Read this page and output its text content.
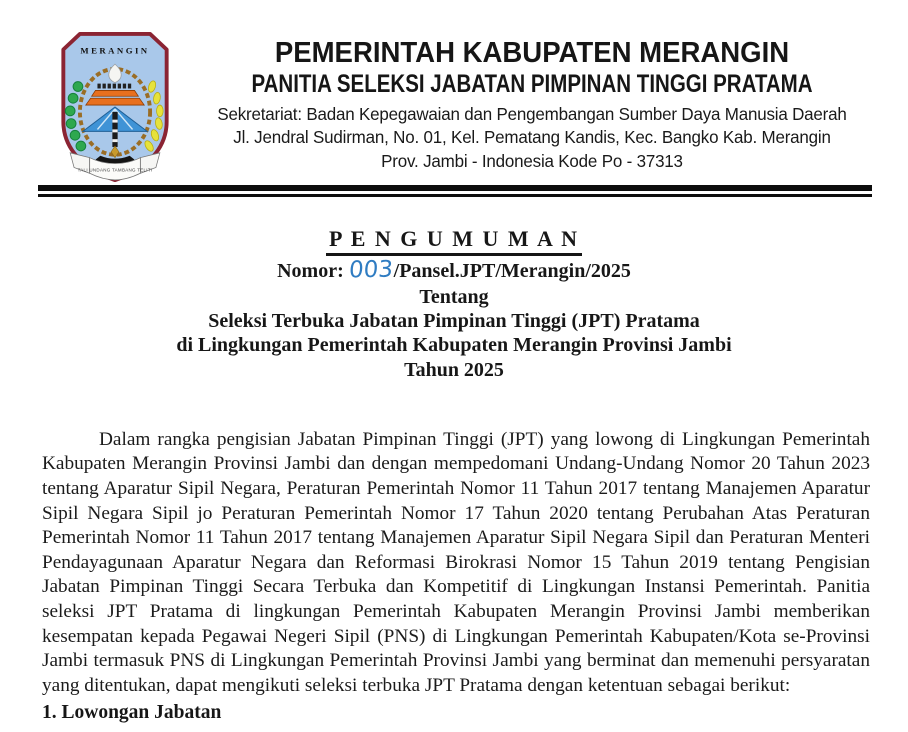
MERANGIN
TALI UNDANG TAMBANG TELITI
PEMERINTAH KABUPATEN MERANGIN
PANITIA SELEKSI JABATAN PIMPINAN TINGGI PRATAMA
Sekretariat: Badan Kepegawaian dan Pengembangan Sumber Daya Manusia Daerah
Jl. Jendral Sudirman, No. 01, Kel. Pematang Kandis, Kec. Bangko Kab. Merangin
Prov. Jambi - Indonesia Kode Po - 37313
P E N G U M U M A N
Nomor: 003/Pansel.JPT/Merangin/2025
Tentang
Seleksi Terbuka Jabatan Pimpinan Tinggi (JPT) Pratama
di Lingkungan Pemerintah Kabupaten Merangin Provinsi Jambi
Tahun 2025

Dalam rangka pengisian Jabatan Pimpinan Tinggi (JPT) yang lowong di Lingkungan Pemerintah Kabupaten Merangin Provinsi Jambi dan dengan mempedomani Undang-Undang Nomor 20 Tahun 2023 tentang Aparatur Sipil Negara, Peraturan Pemerintah Nomor 11 Tahun 2017 tentang Manajemen Aparatur Sipil Negara Sipil jo Peraturan Pemerintah Nomor 17 Tahun 2020 tentang Perubahan Atas Peraturan Pemerintah Nomor 11 Tahun 2017 tentang Manajemen Aparatur Sipil Negara Sipil dan Peraturan Menteri Pendayagunaan Aparatur Negara dan Reformasi Birokrasi Nomor 15 Tahun 2019 tentang Pengisian Jabatan Pimpinan Tinggi Secara Terbuka dan Kompetitif di Lingkungan Instansi Pemerintah. Panitia seleksi JPT Pratama di lingkungan Pemerintah Kabupaten Merangin Provinsi Jambi memberikan kesempatan kepada Pegawai Negeri Sipil (PNS) di Lingkungan Pemerintah Kabupaten/Kota se-Provinsi Jambi termasuk PNS di Lingkungan Pemerintah Provinsi Jambi yang berminat dan memenuhi persyaratan yang ditentukan, dapat mengikuti seleksi terbuka JPT Pratama dengan ketentuan sebagai berikut:

1. Lowongan Jabatan
